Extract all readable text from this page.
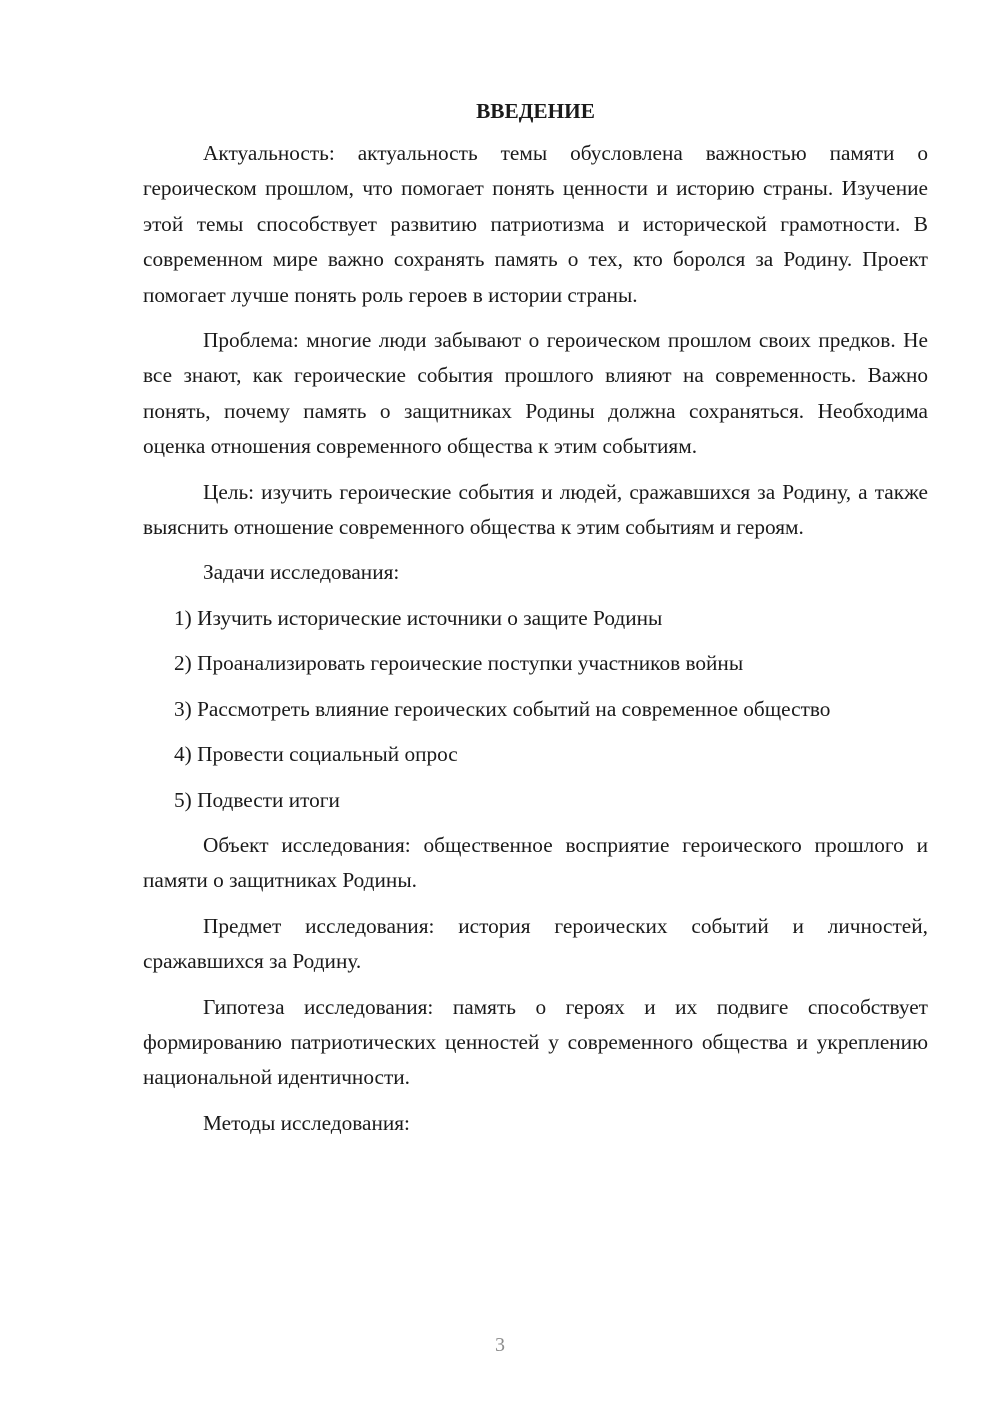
ВВЕДЕНИЕ
Актуальность: актуальность темы обусловлена важностью памяти о героическом прошлом, что помогает понять ценности и историю страны. Изучение этой темы способствует развитию патриотизма и исторической грамотности. В современном мире важно сохранять память о тех, кто боролся за Родину. Проект помогает лучше понять роль героев в истории страны.
Проблема: многие люди забывают о героическом прошлом своих предков. Не все знают, как героические события прошлого влияют на современность. Важно понять, почему память о защитниках Родины должна сохраняться. Необходима оценка отношения современного общества к этим событиям.
Цель: изучить героические события и людей, сражавшихся за Родину, а также выяснить отношение современного общества к этим событиям и героям.
Задачи исследования:
1) Изучить исторические источники о защите Родины
2) Проанализировать героические поступки участников войны
3) Рассмотреть влияние героических событий на современное общество
4) Провести социальный опрос
5) Подвести итоги
Объект исследования: общественное восприятие героического прошлого и памяти о защитниках Родины.
Предмет исследования: история героических событий и личностей, сражавшихся за Родину.
Гипотеза исследования: память о героях и их подвиге способствует формированию патриотических ценностей у современного общества и укреплению национальной идентичности.
Методы исследования:
3
